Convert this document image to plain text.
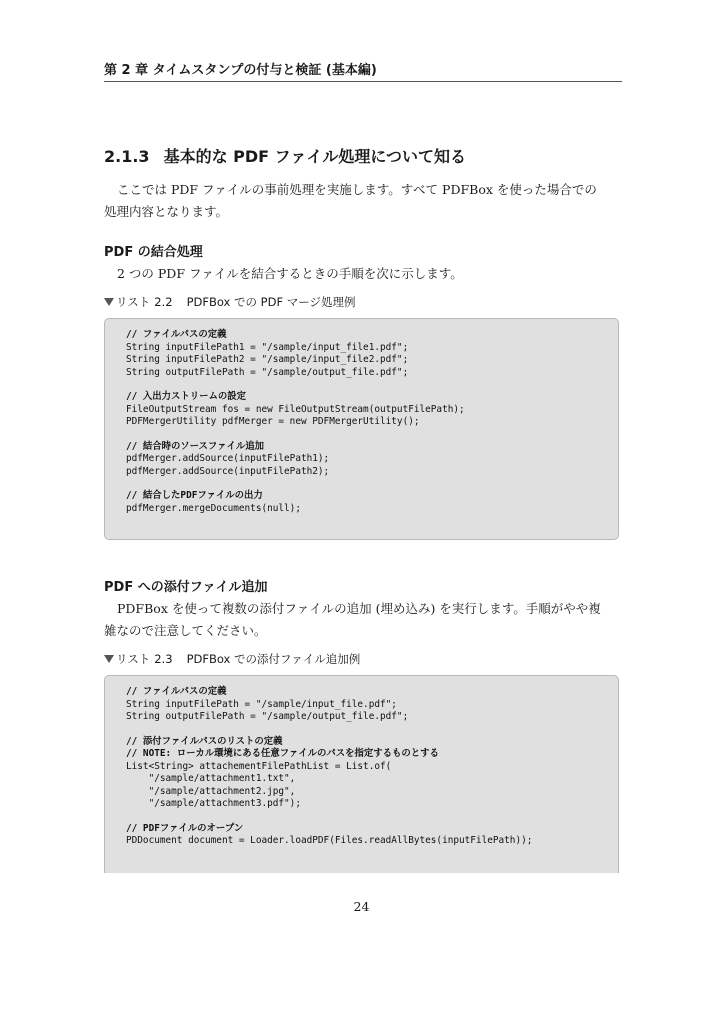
第 2 章 タイムスタンプの付与と検証 (基本編)
2.1.3 基本的な PDF ファイル処理について知る
ここでは PDF ファイルの事前処理を実施します。すべて PDFBox を使った場合での
処理内容となります。
PDF の結合処理
2 つの PDF ファイルを結合するときの手順を次に示します。
リスト 2.2 PDFBox での PDF マージ処理例
// ファイルパスの定義
String inputFilePath1 = "/sample/input_file1.pdf";
String inputFilePath2 = "/sample/input_file2.pdf";
String outputFilePath = "/sample/output_file.pdf";
// 入出力ストリームの設定
FileOutputStream fos = new FileOutputStream(outputFilePath);
PDFMergerUtility pdfMerger = new PDFMergerUtility();
// 結合時のソースファイル追加
pdfMerger.addSource(inputFilePath1);
pdfMerger.addSource(inputFilePath2);
// 結合したPDFファイルの出力
pdfMerger.mergeDocuments(null);
PDF への添付ファイル追加
PDFBox を使って複数の添付ファイルの追加 (埋め込み) を実行します。手順がやや複
雑なので注意してください。
リスト 2.3 PDFBox での添付ファイル追加例
// ファイルパスの定義
String inputFilePath = "/sample/input_file.pdf";
String outputFilePath = "/sample/output_file.pdf";
// 添付ファイルパスのリストの定義
// NOTE: ローカル環境にある任意ファイルのパスを指定するものとする
List<String> attachementFilePathList = List.of(
"/sample/attachment1.txt",
"/sample/attachment2.jpg",
"/sample/attachment3.pdf");
// PDFファイルのオープン
PDDocument document = Loader.loadPDF(Files.readAllBytes(inputFilePath));
24
